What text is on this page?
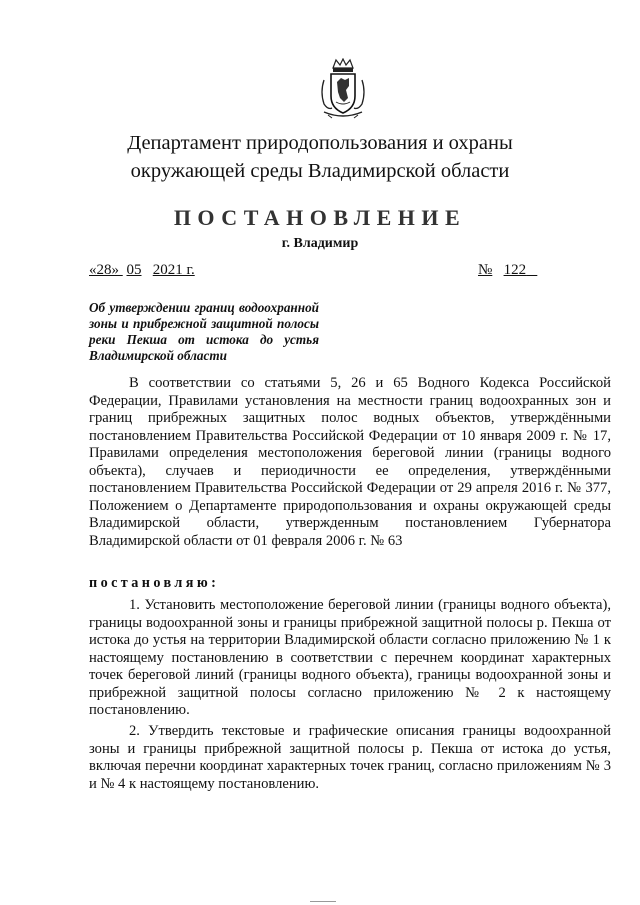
Департамент природопользования и охраны
окружающей среды Владимирской области
ПОСТАНОВЛЕНИЕ
г. Владимир
«28»  05 2021 г.	№ 122
Об утверждении границ водоохранной зоны и прибрежной защитной полосы реки Пекша от истока до устья Владимирской области
В соответствии со статьями 5, 26 и 65 Водного Кодекса Российской Федерации, Правилами установления на местности границ водоохранных зон и границ прибрежных защитных полос водных объектов, утверждёнными постановлением Правительства Российской Федерации от 10 января 2009 г. № 17, Правилами определения местоположения береговой линии (границы водного объекта), случаев и периодичности ее определения, утверждёнными постановлением Правительства Российской Федерации от 29 апреля 2016 г. № 377, Положением о Департаменте природопользования и охраны окружающей среды Владимирской области, утвержденным постановлением Губернатора Владимирской области от 01 февраля 2006 г. № 63
постановляю:
1. Установить местоположение береговой линии (границы водного объекта), границы водоохранной зоны и границы прибрежной защитной полосы р. Пекша от истока до устья на территории Владимирской области согласно приложению № 1 к настоящему постановлению в соответствии с перечнем координат характерных точек береговой линий (границы водного объекта), границы водоохранной зоны и прибрежной защитной полосы согласно приложению № 2 к настоящему постановлению.
2. Утвердить текстовые и графические описания границы водоохранной зоны и границы прибрежной защитной полосы р. Пекша от истока до устья, включая перечни координат характерных точек границ, согласно приложениям № 3 и № 4 к настоящему постановлению.
